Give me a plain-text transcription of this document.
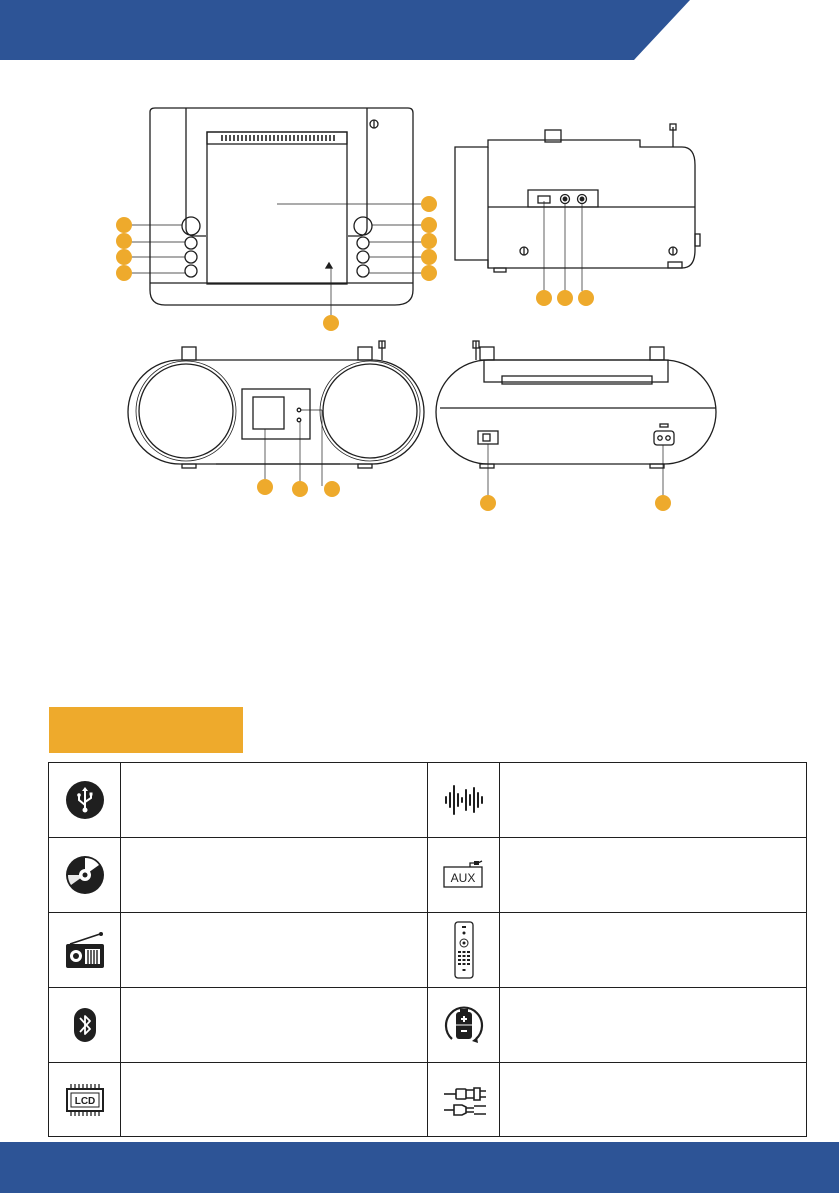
AUX	

LCD
